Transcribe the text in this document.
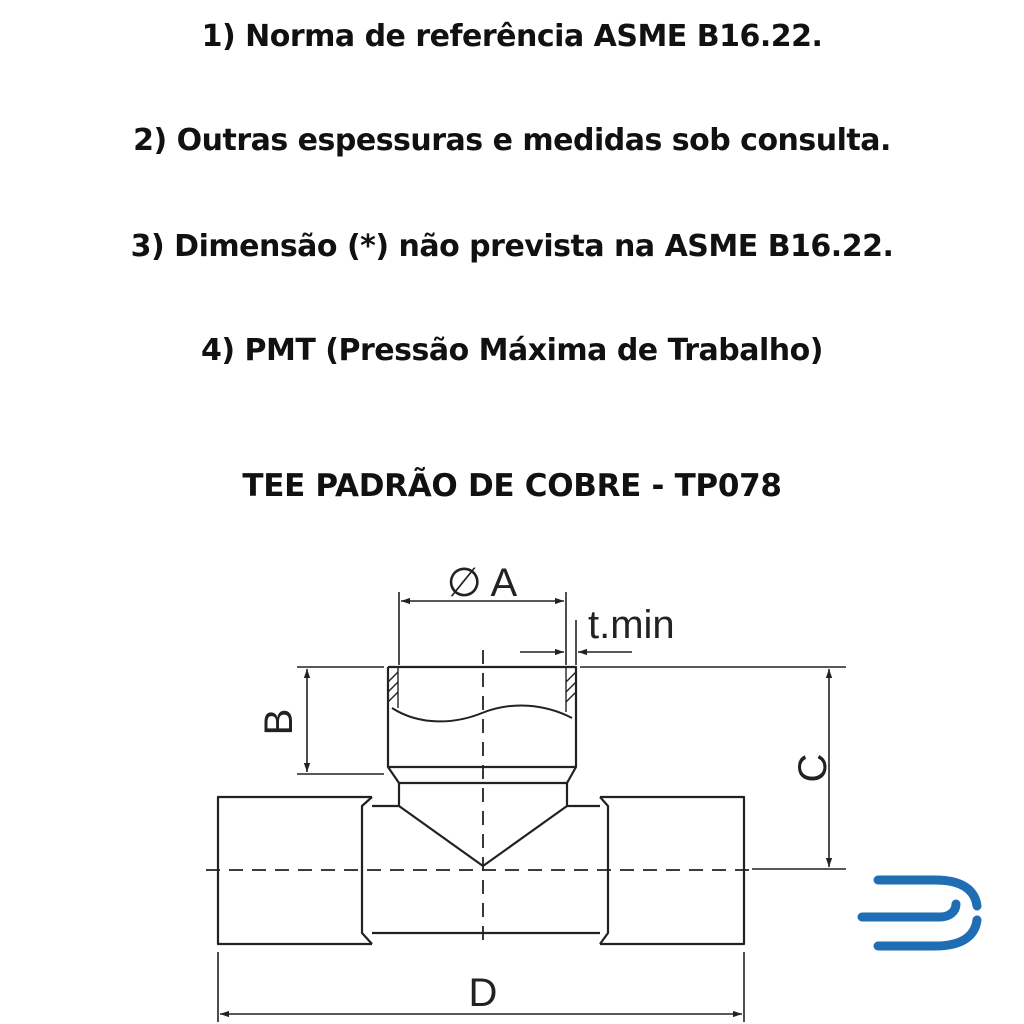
1) Norma de referência ASME B16.22.
2) Outras espessuras e medidas sob consulta.
3) Dimensão (*) não prevista na ASME B16.22.
4) PMT (Pressão Máxima de Trabalho)
TEE PADRÃO DE COBRE - TP078
∅ A
t.min
B
C
D
